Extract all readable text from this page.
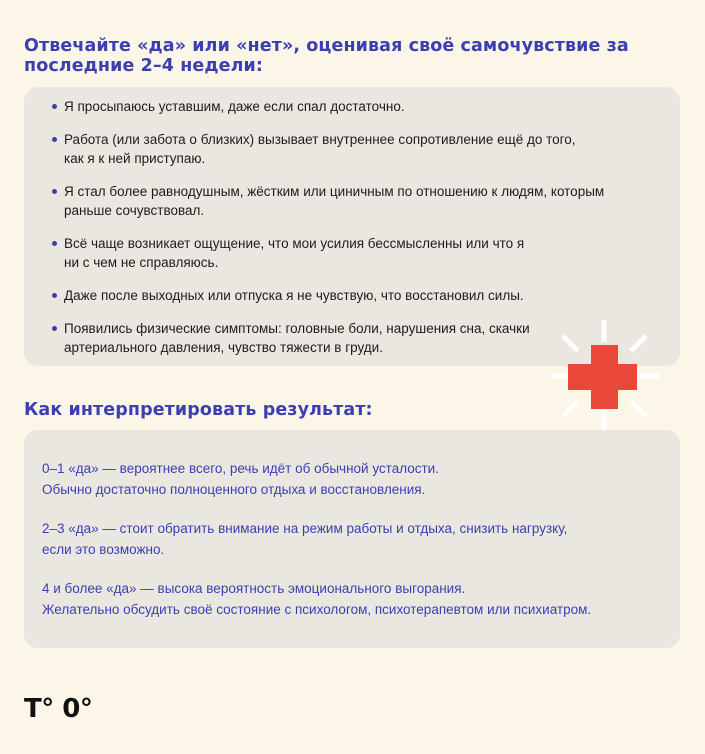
Отвечайте «да» или «нет», оценивая своё самочувствие за последние 2–4 недели:
Я просыпаюсь уставшим, даже если спал достаточно.
Работа (или забота о близких) вызывает внутреннее сопротивление ещё до того, как я к ней приступаю.
Я стал более равнодушным, жёстким или циничным по отношению к людям, которым раньше сочувствовал.
Всё чаще возникает ощущение, что мои усилия бессмысленны или что я ни с чем не справляюсь.
Даже после выходных или отпуска я не чувствую, что восстановил силы.
Появились физические симптомы: головные боли, нарушения сна, скачки артериального давления, чувство тяжести в груди.

0–1 «да» — вероятнее всего, речь идёт об обычной усталости.
Обычно достаточно полноценного отдыха и восстановления.

2–3 «да» — стоит обратить внимание на режим работы и отдыха, снизить нагрузку,
если это возможно.

4 и более «да» — высока вероятность эмоционального выгорания.
Желательно обсудить своё состояние с психологом, психотерапевтом или психиатром.

Как интерпретировать результат:
T° 0°
